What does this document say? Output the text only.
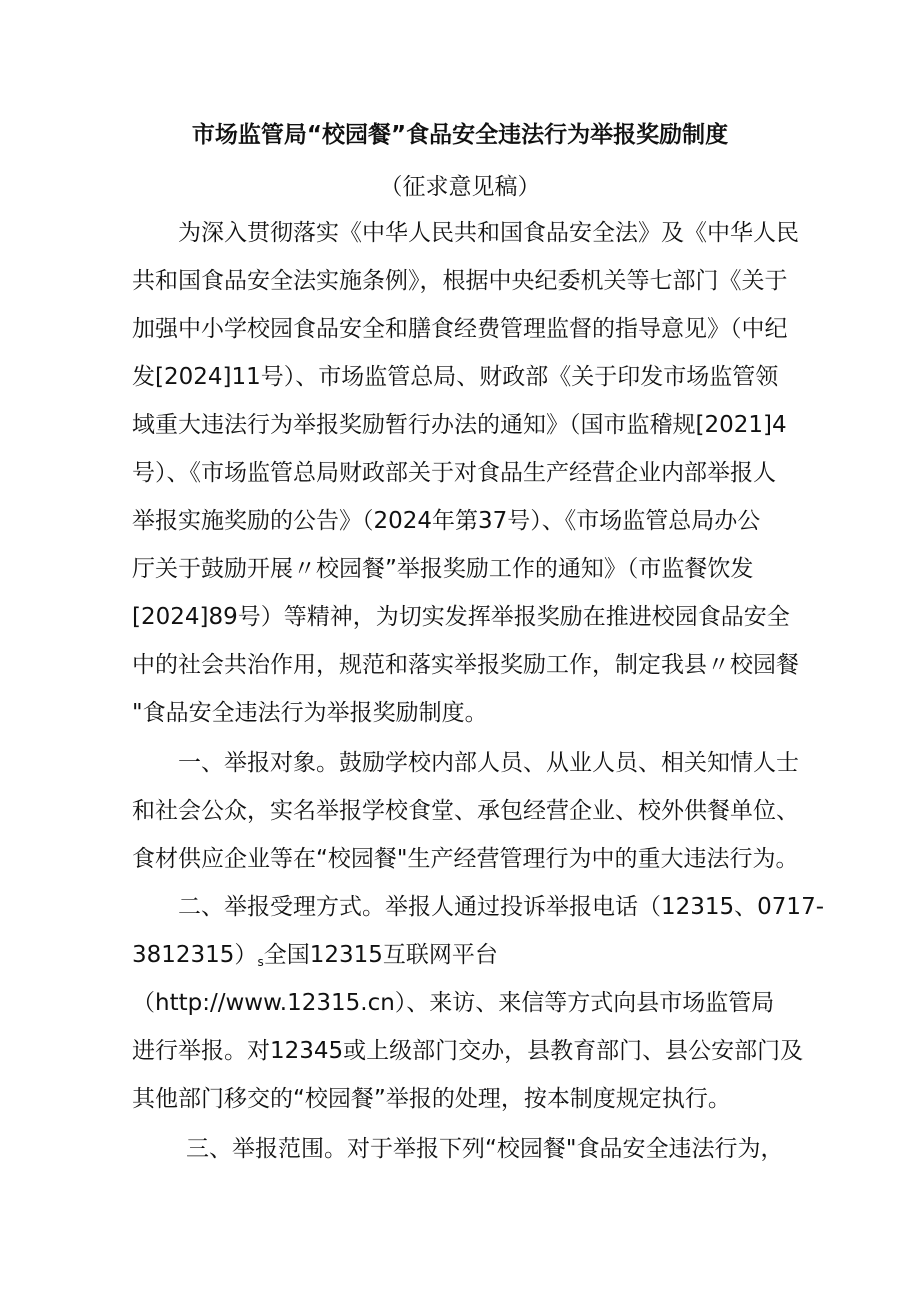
市场监管局“校园餐”食品安全违法行为举报奖励制度
（征求意见稿）
为深入贯彻落实《中华人民共和国食品安全法》及《中华人民
共和国食品安全法实施条例》，根据中央纪委机关等七部门《关于
加强中小学校园食品安全和膳食经费管理监督的指导意见》（中纪
发[2024]11号）、市场监管总局、财政部《关于印发市场监管领
域重大违法行为举报奖励暂行办法的通知》（国市监稽规[2021]4
号）、《市场监管总局财政部关于对食品生产经营企业内部举报人
举报实施奖励的公告》（2024年第37号）、《市场监管总局办公
厅关于鼓励开展〃校园餐”举报奖励工作的通知》（市监餐饮发
[2024]89号）等精神，为切实发挥举报奖励在推进校园食品安全
中的社会共治作用，规范和落实举报奖励工作，制定我县〃校园餐
"食品安全违法行为举报奖励制度。
一、举报对象。鼓励学校内部人员、从业人员、相关知情人士
和社会公众，实名举报学校食堂、承包经营企业、校外供餐单位、
食材供应企业等在“校园餐"生产经营管理行为中的重大违法行为。
二、举报受理方式。举报人通过投诉举报电话（12315、0717-
3812315）s全国12315互联网平台
（http://www.12315.cn）、来访、来信等方式向县市场监管局
进行举报。对12345或上级部门交办，县教育部门、县公安部门及
其他部门移交的“校园餐”举报的处理，按本制度规定执行。
三、举报范围。对于举报下列“校园餐"食品安全违法行为，
